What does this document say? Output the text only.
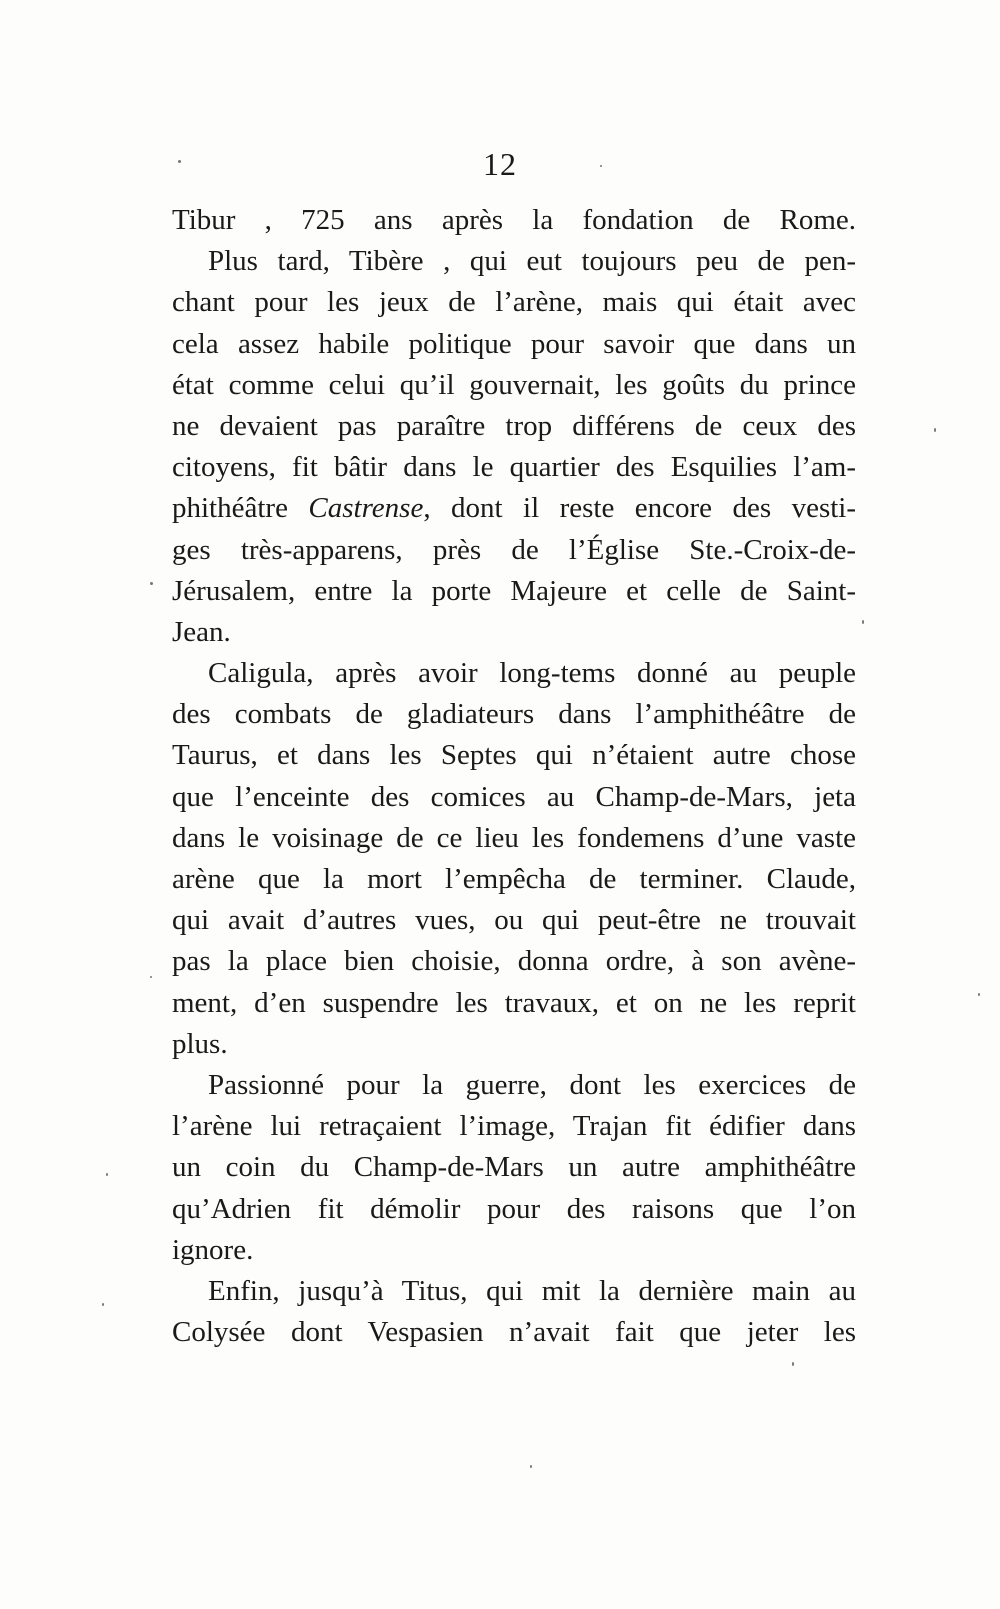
12
Tibur , 725 ans après la fondation de Rome.
Plus tard, Tibère , qui eut toujours peu de pen-
chant pour les jeux de l’arène, mais qui était avec
cela assez habile politique pour savoir que dans un
état comme celui qu’il gouvernait, les goûts du prince
ne devaient pas paraître trop différens de ceux des
citoyens, fit bâtir dans le quartier des Esquilies l’am-
phithéâtre Castrense, dont il reste encore des vesti-
ges très-apparens, près de l’Église Ste.-Croix-de-
Jérusalem, entre la porte Majeure et celle de Saint-
Jean.
Caligula, après avoir long-tems donné au peuple
des combats de gladiateurs dans l’amphithéâtre de
Taurus, et dans les Septes qui n’étaient autre chose
que l’enceinte des comices au Champ-de-Mars, jeta
dans le voisinage de ce lieu les fondemens d’une vaste
arène que la mort l’empêcha de terminer. Claude,
qui avait d’autres vues, ou qui peut-être ne trouvait
pas la place bien choisie, donna ordre, à son avène-
ment, d’en suspendre les travaux, et on ne les reprit
plus.
Passionné pour la guerre, dont les exercices de
l’arène lui retraçaient l’image, Trajan fit édifier dans
un coin du Champ-de-Mars un autre amphithéâtre
qu’Adrien fit démolir pour des raisons que l’on
ignore.
Enfin, jusqu’à Titus, qui mit la dernière main au
Colysée dont Vespasien n’avait fait que jeter les
